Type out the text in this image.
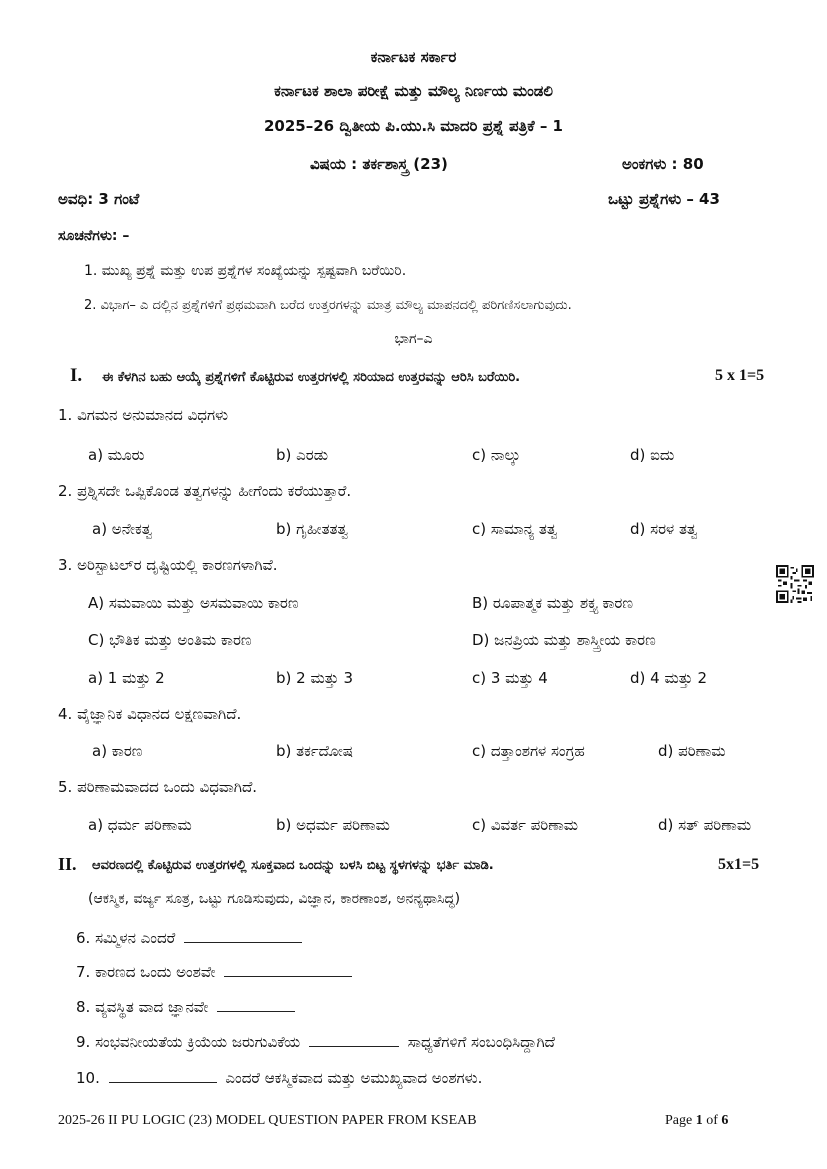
ಕರ್ನಾಟಕ ಸರ್ಕಾರ
ಕರ್ನಾಟಕ ಶಾಲಾ ಪರೀಕ್ಷೆ ಮತ್ತು ಮೌಲ್ಯ ನಿರ್ಣಯ ಮಂಡಲಿ
2025–26 ದ್ವಿತೀಯ ಪಿ.ಯು.ಸಿ ಮಾದರಿ ಪ್ರಶ್ನೆ ಪತ್ರಿಕೆ – 1
ವಿಷಯ : ತರ್ಕಶಾಸ್ತ್ರ (23)	ಅಂಕಗಳು : 80
ಅವಧಿ: 3 ಗಂಟೆ	ಒಟ್ಟು ಪ್ರಶ್ನೆಗಳು – 43
ಸೂಚನೆಗಳು: –
1. ಮುಖ್ಯ ಪ್ರಶ್ನೆ ಮತ್ತು ಉಪ ಪ್ರಶ್ನೆಗಳ ಸಂಖ್ಯೆಯನ್ನು ಸ್ಪಷ್ಟವಾಗಿ ಬರೆಯಿರಿ.
2. ವಿಭಾಗ– ಎ ದಲ್ಲಿನ ಪ್ರಶ್ನೆಗಳಿಗೆ ಪ್ರಥಮವಾಗಿ ಬರೆದ ಉತ್ತರಗಳನ್ನು ಮಾತ್ರ ಮೌಲ್ಯ ಮಾಪನದಲ್ಲಿ ಪರಿಗಣಿಸಲಾಗುವುದು.
ಭಾಗ–ಎ
I. ಈ ಕೆಳಗಿನ ಬಹು ಆಯ್ಕೆ ಪ್ರಶ್ನೆಗಳಿಗೆ ಕೊಟ್ಟಿರುವ ಉತ್ತರಗಳಲ್ಲಿ ಸರಿಯಾದ ಉತ್ತರವನ್ನು ಆರಿಸಿ ಬರೆಯಿರಿ.	5 x 1=5
1. ವಿಗಮನ ಅನುಮಾನದ ವಿಧಗಳು
a) ಮೂರು	b) ಎರಡು	c) ನಾಲ್ಕು	d) ಐದು
2. ಪ್ರಶ್ನಿಸದೇ ಒಪ್ಪಿಕೊಂಡ ತತ್ವಗಳನ್ನು ಹೀಗೆಂದು ಕರೆಯುತ್ತಾರೆ.
a) ಅನೇಕತ್ವ	b) ಗೃಹೀತತತ್ವ	c) ಸಾಮಾನ್ಯ ತತ್ವ	d) ಸರಳ ತತ್ವ
3. ಅರಿಸ್ಟಾಟಲ್‌ರ ದೃಷ್ಟಿಯಲ್ಲಿ ಕಾರಣಗಳಾಗಿವೆ.
A) ಸಮವಾಯಿ ಮತ್ತು ಅಸಮವಾಯಿ ಕಾರಣ	B) ರೂಪಾತ್ಮಕ ಮತ್ತು ಶಕ್ತ್ಯ ಕಾರಣ
C) ಭೌತಿಕ ಮತ್ತು ಅಂತಿಮ ಕಾರಣ	D) ಜನಪ್ರಿಯ ಮತ್ತು ಶಾಸ್ತ್ರೀಯ ಕಾರಣ
a) 1 ಮತ್ತು 2	b) 2 ಮತ್ತು 3	c) 3 ಮತ್ತು 4	d) 4 ಮತ್ತು 2
4. ವೈಜ್ಞಾನಿಕ ವಿಧಾನದ ಲಕ್ಷಣವಾಗಿದೆ.
a) ಕಾರಣ	b) ತರ್ಕದೋಷ	c) ದತ್ತಾಂಶಗಳ ಸಂಗ್ರಹ	d) ಪರಿಣಾಮ
5. ಪರಿಣಾಮವಾದದ ಒಂದು ವಿಧವಾಗಿದೆ.
a) ಧರ್ಮ ಪರಿಣಾಮ	b) ಅಧರ್ಮ ಪರಿಣಾಮ	c) ವಿವರ್ತ ಪರಿಣಾಮ	d) ಸತ್ ಪರಿಣಾಮ
II. ಆವರಣದಲ್ಲಿ ಕೊಟ್ಟಿರುವ ಉತ್ತರಗಳಲ್ಲಿ ಸೂಕ್ತವಾದ ಒಂದನ್ನು ಬಳಸಿ ಬಿಟ್ಟ ಸ್ಥಳಗಳನ್ನು ಭರ್ತಿ ಮಾಡಿ.	5x1=5
(ಆಕಸ್ಮಿಕ, ವರ್ಜ್ಯ ಸೂತ್ರ, ಒಟ್ಟು ಗೂಡಿಸುವುದು, ವಿಜ್ಞಾನ, ಕಾರಣಾಂಶ, ಅನನ್ಯಥಾಸಿದ್ಧ)
6. ಸಮ್ಮಿಳನ ಎಂದರೆ
7. ಕಾರಣದ ಒಂದು ಅಂಶವೇ
8. ವ್ಯವಸ್ಥಿತ ವಾದ ಜ್ಞಾನವೇ
9. ಸಂಭವನೀಯತೆಯ ಕ್ರಿಯೆಯ ಜರುಗುವಿಕೆಯ	ಸಾಧ್ಯತೆಗಳಿಗೆ ಸಂಬಂಧಿಸಿದ್ದಾಗಿದೆ
10.	ಎಂದರೆ ಆಕಸ್ಮಿಕವಾದ ಮತ್ತು ಅಮುಖ್ಯವಾದ ಅಂಶಗಳು.
2025-26 II PU LOGIC (23) MODEL QUESTION PAPER FROM KSEAB	Page 1 of 6
